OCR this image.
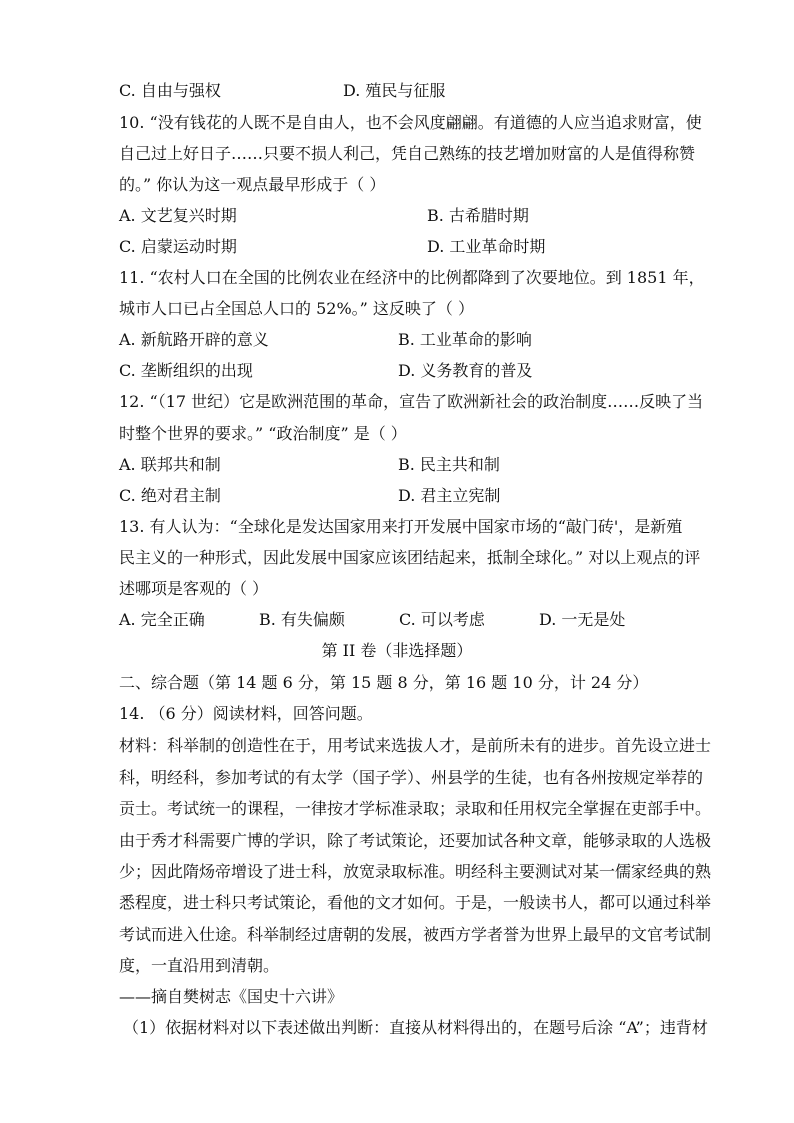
C. 自由与强权	D. 殖民与征服
10. “没有钱花的人既不是自由人，也不会风度翩翩。有道德的人应当追求财富，使
自己过上好日子……只要不损人利己，凭自己熟练的技艺增加财富的人是值得称赞
的。” 你认为这一观点最早形成于（ ）
A. 文艺复兴时期	B. 古希腊时期
C. 启蒙运动时期	D. 工业革命时期
11. “农村人口在全国的比例农业在经济中的比例都降到了次要地位。到 1851 年，
城市人口已占全国总人口的 52%。” 这反映了（ ）
A. 新航路开辟的意义	B. 工业革命的影响
C. 垄断组织的出现	D. 义务教育的普及
12. “（17 世纪）它是欧洲范围的革命，宣告了欧洲新社会的政治制度……反映了当
时整个世界的要求。” “政治制度” 是（ ）
A. 联邦共和制	B. 民主共和制
C. 绝对君主制	D. 君主立宪制
13. 有人认为：“全球化是发达国家用来打开发展中国家市场的“敲门砖'，是新殖
民主义的一种形式，因此发展中国家应该团结起来，抵制全球化。” 对以上观点的评
述哪项是客观的（ ）
A. 完全正确	B. 有失偏颇	C. 可以考虑	D. 一无是处
第 II 卷（非选择题）
二、综合题（第 14 题 6 分，第 15 题 8 分，第 16 题 10 分，计 24 分）
14. （6 分）阅读材料，回答问题。
材料：科举制的创造性在于，用考试来选拔人才，是前所未有的进步。首先设立进士
科，明经科，参加考试的有太学（国子学）、州县学的生徒，也有各州按规定举荐的
贡士。考试统一的课程，一律按才学标准录取；录取和任用权完全掌握在吏部手中。
由于秀才科需要广博的学识，除了考试策论，还要加试各种文章，能够录取的人选极
少；因此隋炀帝增设了进士科，放宽录取标准。明经科主要测试对某一儒家经典的熟
悉程度，进士科只考试策论，看他的文才如何。于是，一般读书人，都可以通过科举
考试而进入仕途。科举制经过唐朝的发展，被西方学者誉为世界上最早的文官考试制
度，一直沿用到清朝。
——摘自樊树志《国史十六讲》
（1）依据材料对以下表述做出判断：直接从材料得出的，在题号后涂 “A”；违背材
